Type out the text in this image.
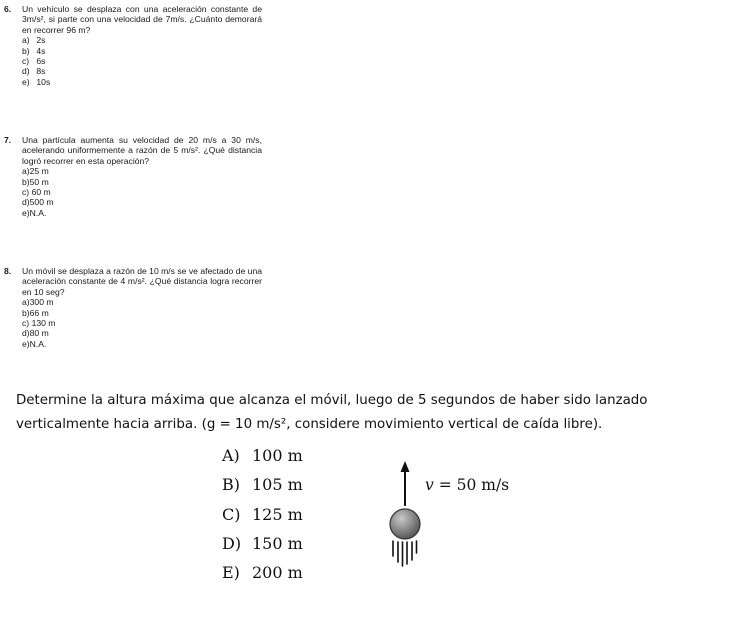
6. Un vehículo se desplaza con una aceleración constante de 3m/s², si parte con una velocidad de 7m/s. ¿Cuánto demorará en recorrer 96 m?
a)
2s
b)
4s
c)
6s
d)
8s
e)
10s
7. Una partícula aumenta su velocidad de 20 m/s a 30 m/s, acelerando uniformemente a razón de 5 m/s². ¿Qué distancia logró recorrer en esta operación?
a) 25 m
b) 50 m
c)
60 m
d) 500 m
e) N.A.
8. Un móvil se desplaza a razón de 10 m/s se ve afectado de una aceleración constante de 4 m/s². ¿Qué distancia logra recorrer en 10 seg?
a) 300 m
b) 66 m
c)
130 m
d) 80 m
e) N.A.
Determine la altura máxima que alcanza el móvil, luego de 5 segundos de haber sido lanzado verticalmente hacia arriba. (g = 10 m/s², considere movimiento vertical de caída libre).
A) 100 m
B) 105 m
C) 125 m
D) 150 m
E) 200 m
v = 50 m/s
